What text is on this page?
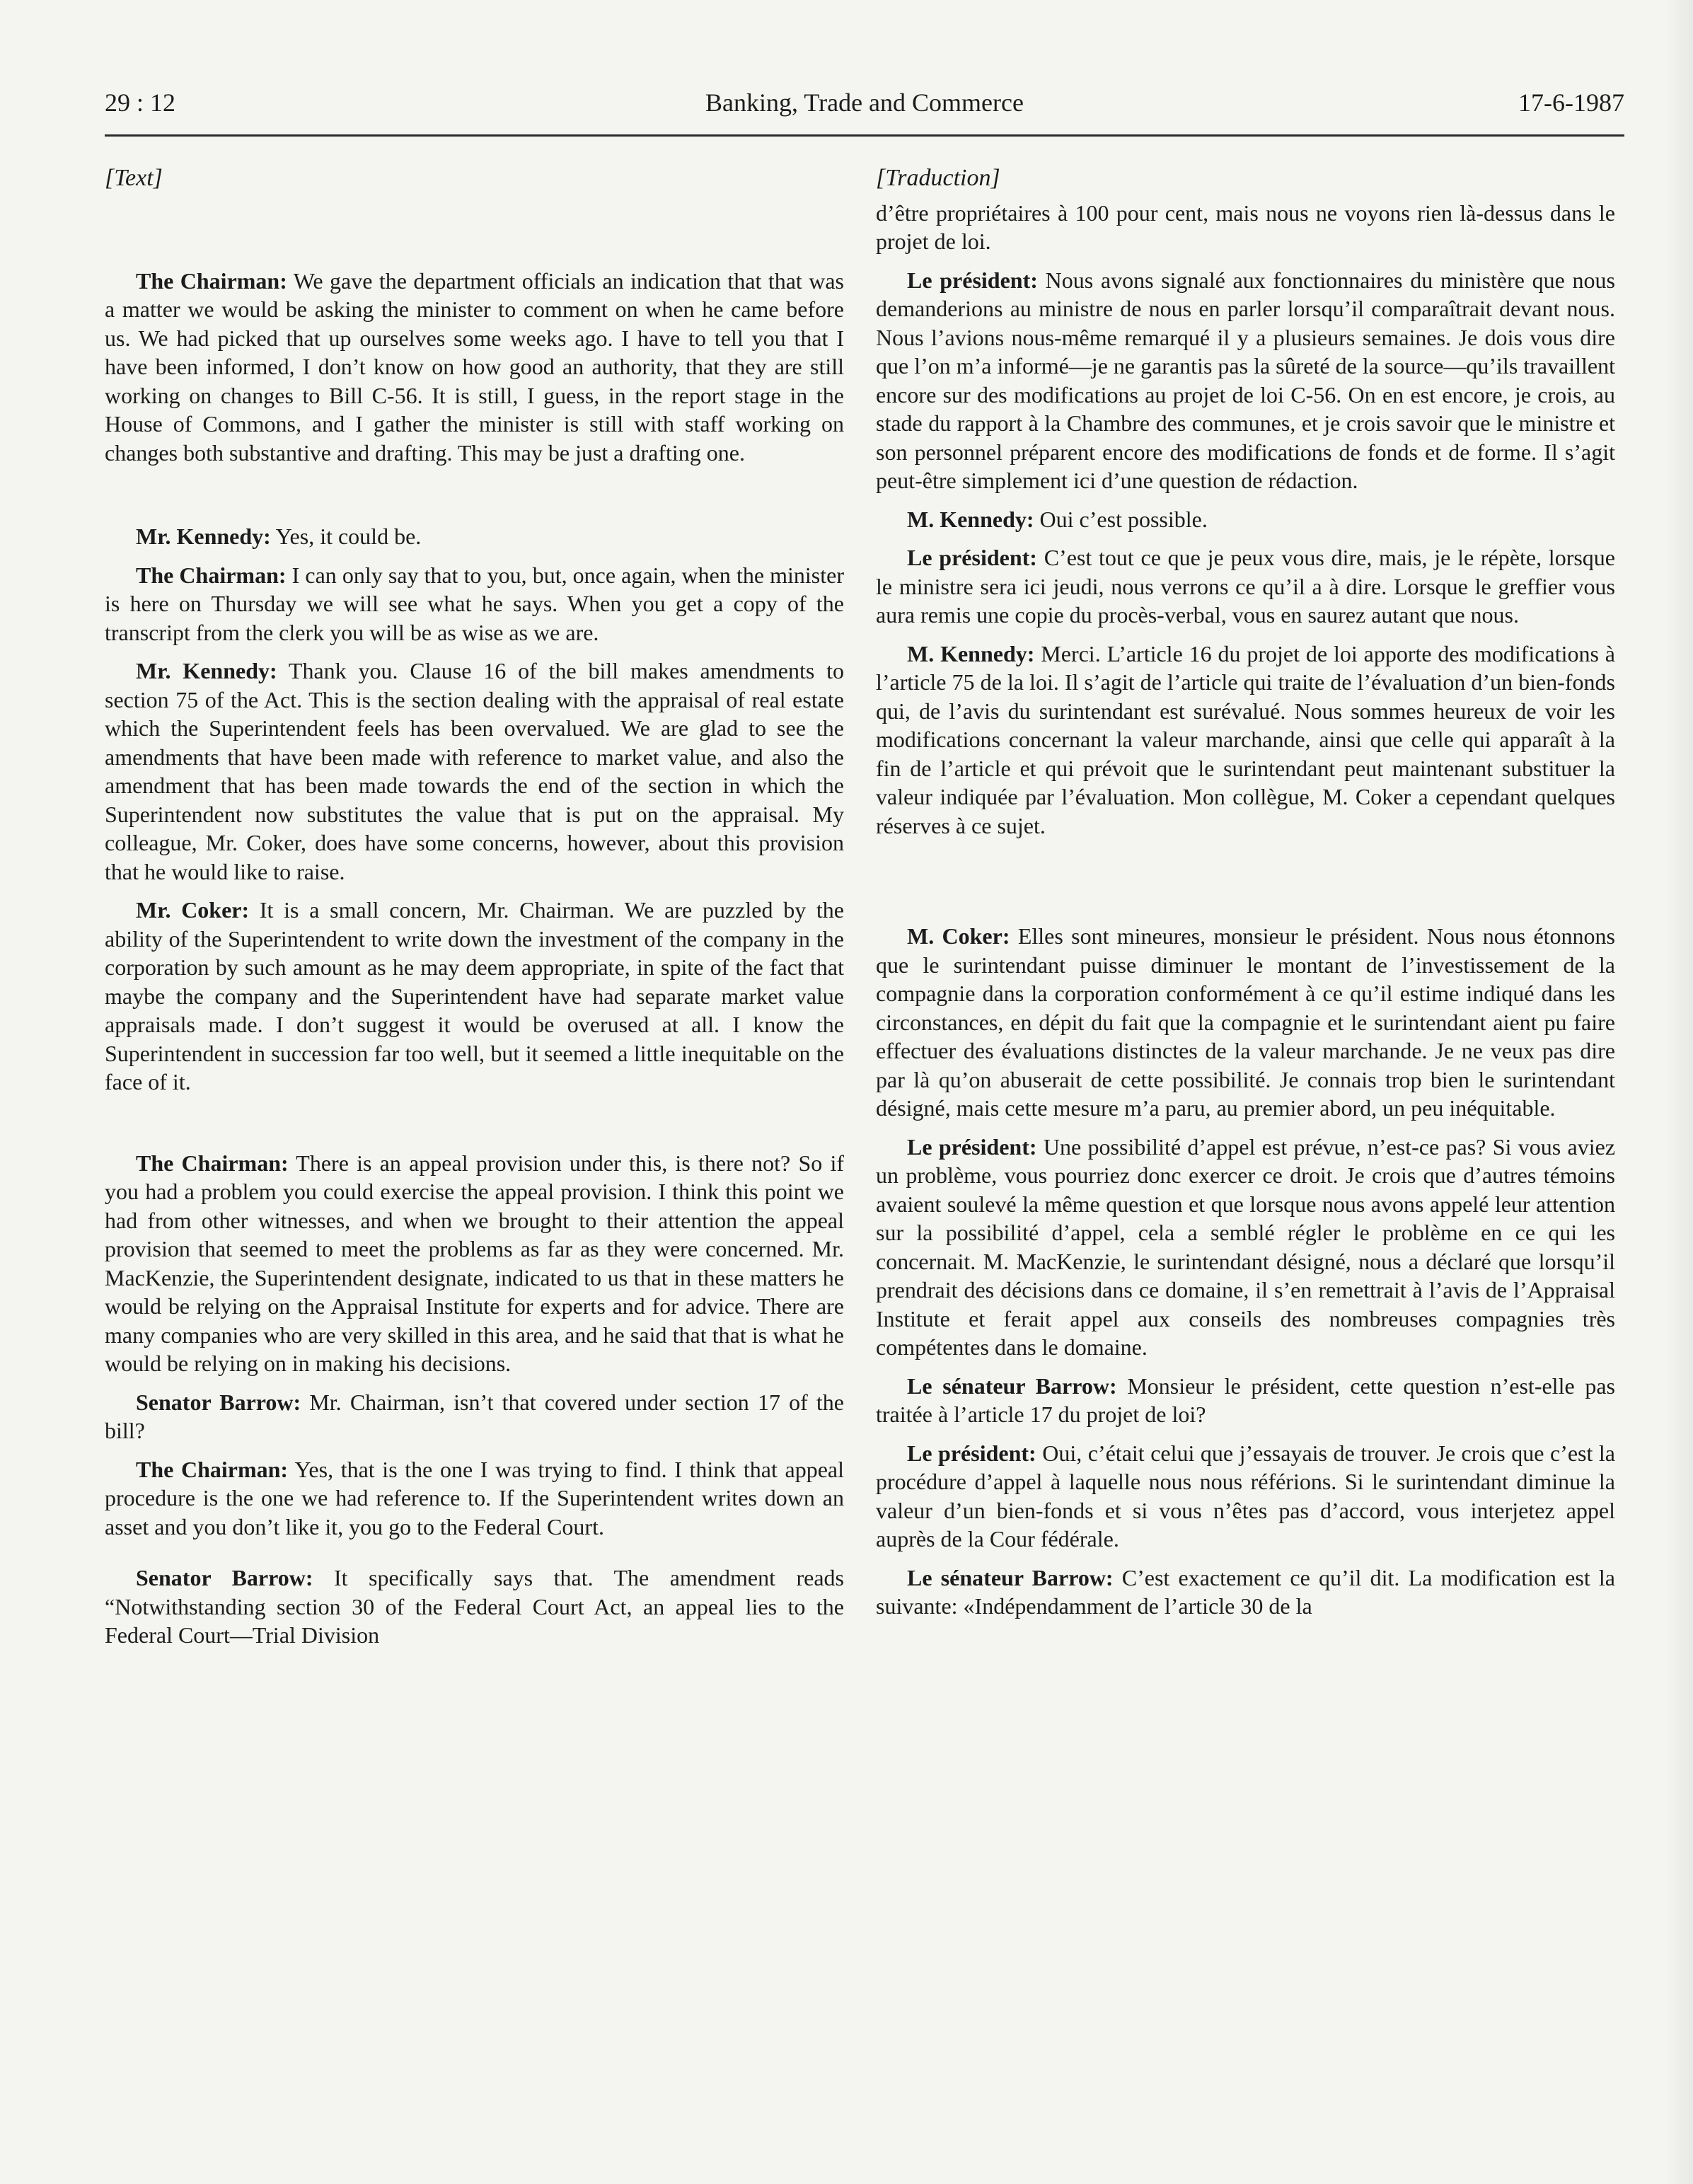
29 : 12	Banking, Trade and Commerce	17-6-1987

[Text]

The Chairman: We gave the department officials an indication that that was a matter we would be asking the minister to comment on when he came before us. We had picked that up ourselves some weeks ago. I have to tell you that I have been informed, I don’t know on how good an authority, that they are still working on changes to Bill C-56. It is still, I guess, in the report stage in the House of Commons, and I gather the minister is still with staff working on changes both substantive and drafting. This may be just a drafting one.

Mr. Kennedy: Yes, it could be.

The Chairman: I can only say that to you, but, once again, when the minister is here on Thursday we will see what he says. When you get a copy of the transcript from the clerk you will be as wise as we are.

Mr. Kennedy: Thank you. Clause 16 of the bill makes amendments to section 75 of the Act. This is the section dealing with the appraisal of real estate which the Superintendent feels has been overvalued. We are glad to see the amendments that have been made with reference to market value, and also the amendment that has been made towards the end of the section in which the Superintendent now substitutes the value that is put on the appraisal. My colleague, Mr. Coker, does have some concerns, however, about this provision that he would like to raise.

Mr. Coker: It is a small concern, Mr. Chairman. We are puzzled by the ability of the Superintendent to write down the investment of the company in the corporation by such amount as he may deem appropriate, in spite of the fact that maybe the company and the Superintendent have had separate market value appraisals made. I don’t suggest it would be overused at all. I know the Superintendent in succession far too well, but it seemed a little inequitable on the face of it.

The Chairman: There is an appeal provision under this, is there not? So if you had a problem you could exercise the appeal provision. I think this point we had from other witnesses, and when we brought to their attention the appeal provision that seemed to meet the problems as far as they were concerned. Mr. MacKenzie, the Superintendent designate, indicated to us that in these matters he would be relying on the Appraisal Institute for experts and for advice. There are many companies who are very skilled in this area, and he said that that is what he would be relying on in making his decisions.

Senator Barrow: Mr. Chairman, isn’t that covered under section 17 of the bill?

The Chairman: Yes, that is the one I was trying to find. I think that appeal procedure is the one we had reference to. If the Superintendent writes down an asset and you don’t like it, you go to the Federal Court.

Senator Barrow: It specifically says that. The amendment reads “Notwithstanding section 30 of the Federal Court Act, an appeal lies to the Federal Court—Trial Division

[Traduction]

d’être propriétaires à 100 pour cent, mais nous ne voyons rien là-dessus dans le projet de loi.

Le président: Nous avons signalé aux fonctionnaires du ministère que nous demanderions au ministre de nous en parler lorsqu’il comparaîtrait devant nous. Nous l’avions nous-même remarqué il y a plusieurs semaines. Je dois vous dire que l’on m’a informé—je ne garantis pas la sûreté de la source—qu’ils travaillent encore sur des modifications au projet de loi C-56. On en est encore, je crois, au stade du rapport à la Chambre des communes, et je crois savoir que le ministre et son personnel préparent encore des modifications de fonds et de forme. Il s’agit peut-être simplement ici d’une question de rédaction.

M. Kennedy: Oui c’est possible.

Le président: C’est tout ce que je peux vous dire, mais, je le répète, lorsque le ministre sera ici jeudi, nous verrons ce qu’il a à dire. Lorsque le greffier vous aura remis une copie du procès-verbal, vous en saurez autant que nous.

M. Kennedy: Merci. L’article 16 du projet de loi apporte des modifications à l’article 75 de la loi. Il s’agit de l’article qui traite de l’évaluation d’un bien-fonds qui, de l’avis du surintendant est surévalué. Nous sommes heureux de voir les modifications concernant la valeur marchande, ainsi que celle qui apparaît à la fin de l’article et qui prévoit que le surintendant peut maintenant substituer la valeur indiquée par l’évaluation. Mon collègue, M. Coker a cependant quelques réserves à ce sujet.

M. Coker: Elles sont mineures, monsieur le président. Nous nous étonnons que le surintendant puisse diminuer le montant de l’investissement de la compagnie dans la corporation conformément à ce qu’il estime indiqué dans les circonstances, en dépit du fait que la compagnie et le surintendant aient pu faire effectuer des évaluations distinctes de la valeur marchande. Je ne veux pas dire par là qu’on abuserait de cette possibilité. Je connais trop bien le surintendant désigné, mais cette mesure m’a paru, au premier abord, un peu inéquitable.

Le président: Une possibilité d’appel est prévue, n’est-ce pas? Si vous aviez un problème, vous pourriez donc exercer ce droit. Je crois que d’autres témoins avaient soulevé la même question et que lorsque nous avons appelé leur attention sur la possibilité d’appel, cela a semblé régler le problème en ce qui les concernait. M. MacKenzie, le surintendant désigné, nous a déclaré que lorsqu’il prendrait des décisions dans ce domaine, il s’en remettrait à l’avis de l’Appraisal Institute et ferait appel aux conseils des nombreuses compagnies très compétentes dans le domaine.

Le sénateur Barrow: Monsieur le président, cette question n’est-elle pas traitée à l’article 17 du projet de loi?

Le président: Oui, c’était celui que j’essayais de trouver. Je crois que c’est la procédure d’appel à laquelle nous nous référions. Si le surintendant diminue la valeur d’un bien-fonds et si vous n’êtes pas d’accord, vous interjetez appel auprès de la Cour fédérale.

Le sénateur Barrow: C’est exactement ce qu’il dit. La modification est la suivante: «Indépendamment de l’article 30 de la
